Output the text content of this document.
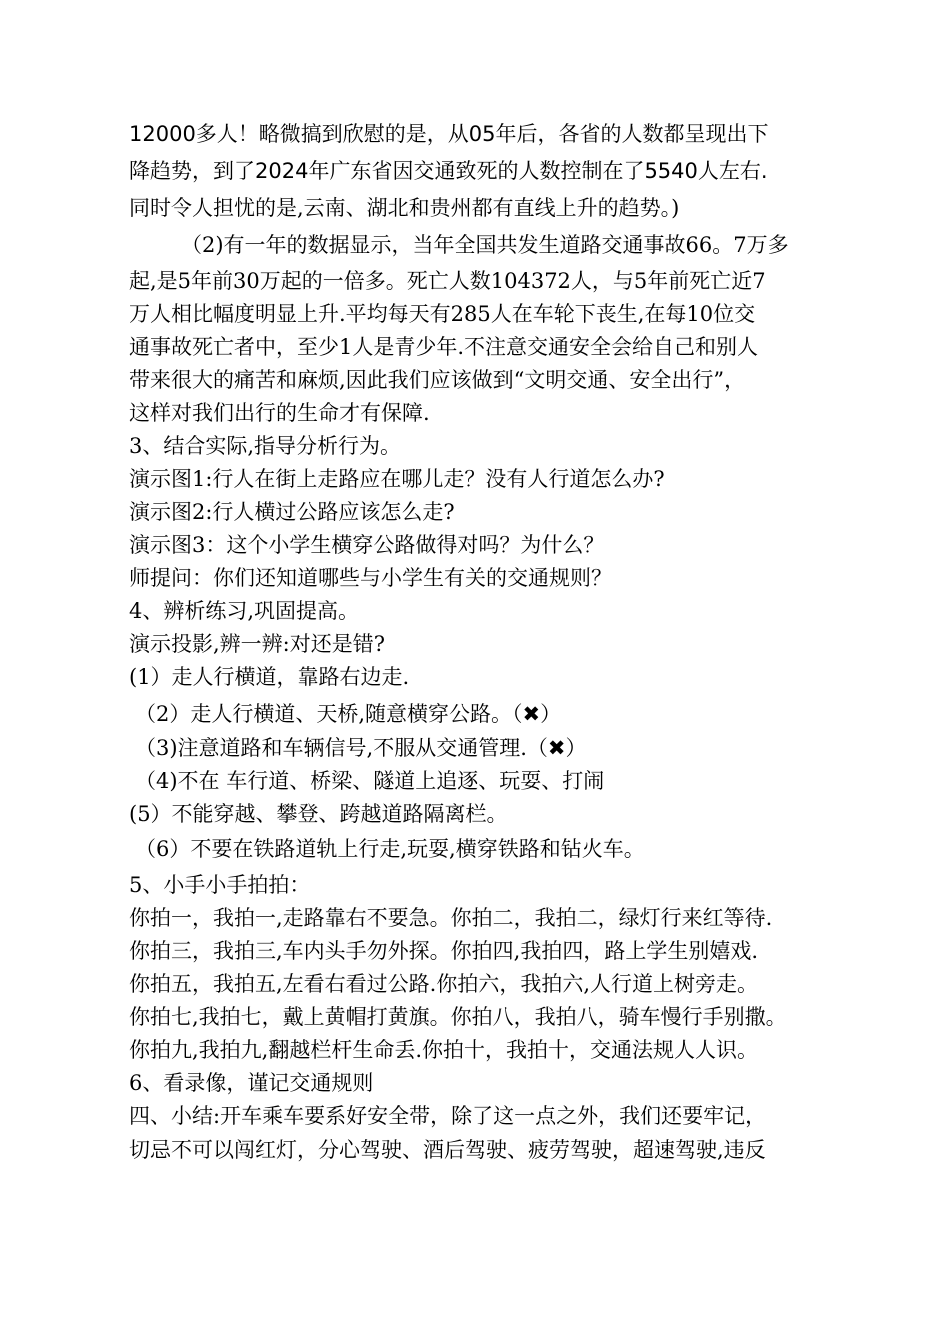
12000多人！略微搞到欣慰的是，从05年后，各省的人数都呈现出下
降趋势，到了2024年广东省因交通致死的人数控制在了5540人左右.
同时令人担忧的是,云南、湖北和贵州都有直线上升的趋势。)
（2)有一年的数据显示，当年全国共发生道路交通事故66。7万多
起,是5年前30万起的一倍多。死亡人数104372人，与5年前死亡近7
万人相比幅度明显上升.平均每天有285人在车轮下丧生,在每10位交
通事故死亡者中，至少1人是青少年.不注意交通安全会给自己和别人
带来很大的痛苦和麻烦,因此我们应该做到“文明交通、安全出行”，
这样对我们出行的生命才有保障.
3、结合实际,指导分析行为。
演示图1:行人在街上走路应在哪儿走？没有人行道怎么办?
演示图2:行人横过公路应该怎么走?
演示图3：这个小学生横穿公路做得对吗？为什么？
师提问：你们还知道哪些与小学生有关的交通规则？
4、辨析练习,巩固提高。
演示投影,辨一辨:对还是错?
(1）走人行横道，靠路右边走.
（2）走人行横道、天桥,随意横穿公路。（✖）
（3)注意道路和车辆信号,不服从交通管理.（✖）
（4)不在 车行道、桥梁、隧道上追逐、玩耍、打闹
(5）不能穿越、攀登、跨越道路隔离栏。
（6）不要在铁路道轨上行走,玩耍,横穿铁路和钻火车。
5、小手小手拍拍：
你拍一，我拍一,走路靠右不要急。你拍二，我拍二，绿灯行来红等待.
你拍三，我拍三,车内头手勿外探。你拍四,我拍四，路上学生别嬉戏.
你拍五，我拍五,左看右看过公路.你拍六，我拍六,人行道上树旁走。
你拍七,我拍七，戴上黄帽打黄旗。你拍八，我拍八，骑车慢行手别撒。
你拍九,我拍九,翻越栏杆生命丢.你拍十，我拍十，交通法规人人识。
6、看录像，谨记交通规则
四、小结:开车乘车要系好安全带，除了这一点之外，我们还要牢记，
切忌不可以闯红灯，分心驾驶、酒后驾驶、疲劳驾驶，超速驾驶,违反
